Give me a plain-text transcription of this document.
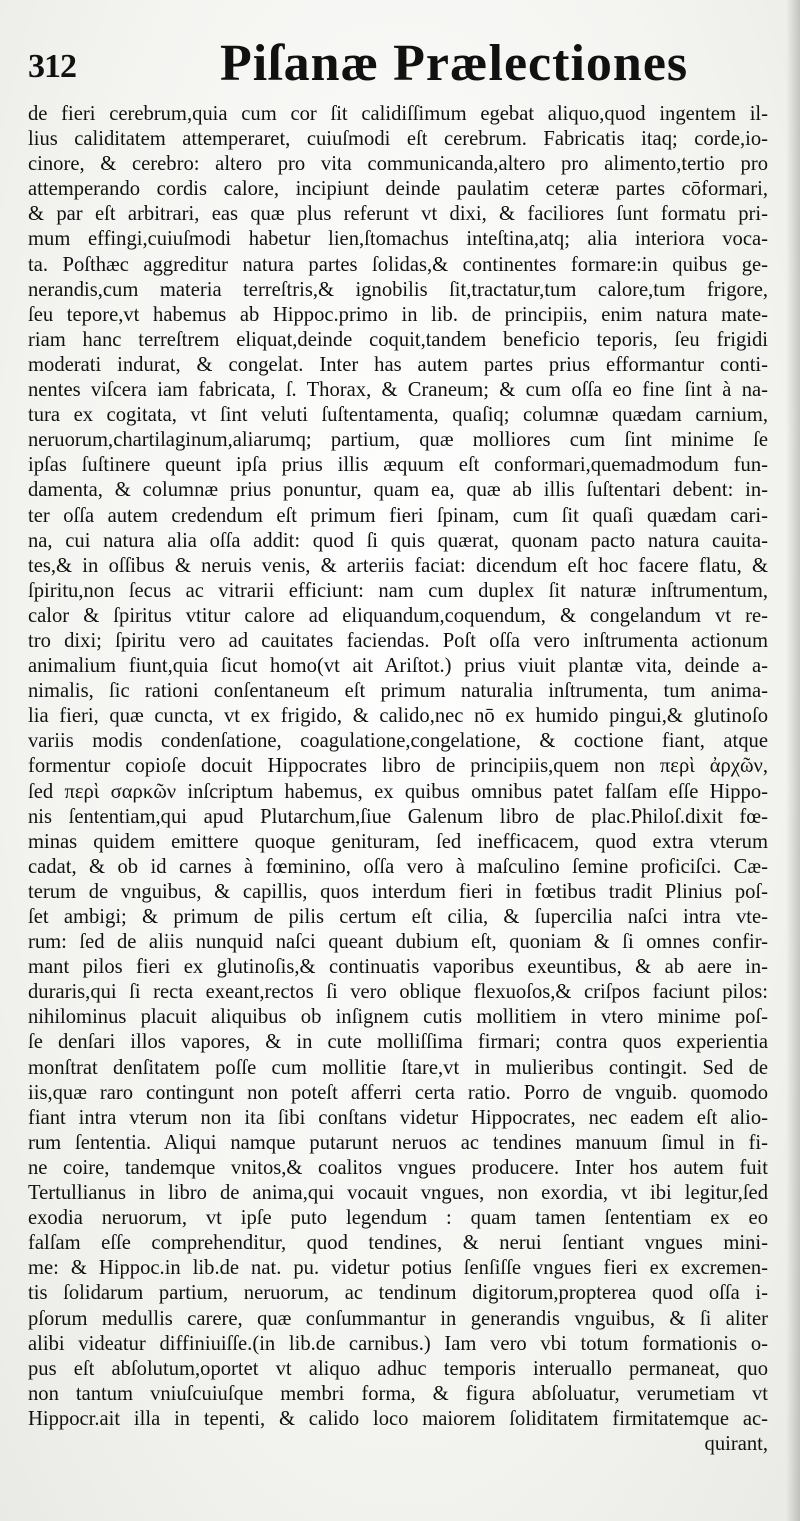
312	Piſanæ Prælectiones
de fieri cerebrum,quia cum cor ſit calidiſſimum egebat aliquo,quod ingentem il-
lius caliditatem attemperaret, cuiuſmodi eſt cerebrum. Fabricatis itaq; corde,io-
cinore, & cerebro: altero pro vita communicanda,altero pro alimento,tertio pro
attemperando cordis calore, incipiunt deinde paulatim ceteræ partes cōformari,
& par eſt arbitrari, eas quæ plus referunt vt dixi, & faciliores ſunt formatu pri-
mum effingi,cuiuſmodi habetur lien,ſtomachus inteſtina,atq; alia interiora voca-
ta. Poſthæc aggreditur natura partes ſolidas,& continentes formare:in quibus ge-
nerandis,cum materia terreſtris,& ignobilis ſit,tractatur,tum calore,tum frigore,
ſeu tepore,vt habemus ab Hippoc.primo in lib. de principiis, enim natura mate-
riam hanc terreſtrem eliquat,deinde coquit,tandem beneficio teporis, ſeu frigidi
moderati indurat, & congelat. Inter has autem partes prius efformantur conti-
nentes viſcera iam fabricata, ſ. Thorax, & Craneum; & cum oſſa eo fine ſint à na-
tura ex cogitata, vt ſint veluti ſuſtentamenta, quaſiq; columnæ quædam carnium,
neruorum,chartilaginum,aliarumq; partium, quæ molliores cum ſint minime ſe
ipſas ſuſtinere queunt ipſa prius illis æquum eſt conformari,quemadmodum fun-
damenta, & columnæ prius ponuntur, quam ea, quæ ab illis ſuſtentari debent: in-
ter oſſa autem credendum eſt primum fieri ſpinam, cum ſit quaſi quædam cari-
na, cui natura alia oſſa addit: quod ſi quis quærat, quonam pacto natura cauita-
tes,& in oſſibus & neruis venis, & arteriis faciat: dicendum eſt hoc facere flatu, &
ſpiritu,non ſecus ac vitrarii efficiunt: nam cum duplex ſit naturæ inſtrumentum,
calor & ſpiritus vtitur calore ad eliquandum,coquendum, & congelandum vt re-
tro dixi; ſpiritu vero ad cauitates faciendas. Poſt oſſa vero inſtrumenta actionum
animalium fiunt,quia ſicut homo(vt ait Ariſtot.) prius viuit plantæ vita, deinde a-
nimalis, ſic rationi conſentaneum eſt primum naturalia inſtrumenta, tum anima-
lia fieri, quæ cuncta, vt ex frigido, & calido,nec nō ex humido pingui,& glutinoſo
variis modis condenſatione, coagulatione,congelatione, & coctione fiant, atque
formentur copioſe docuit Hippocrates libro de principiis,quem non περὶ ἀρχῶν,
ſed περὶ σαρκῶν inſcriptum habemus, ex quibus omnibus patet falſam eſſe Hippo-
nis ſententiam,qui apud Plutarchum,ſiue Galenum libro de plac.Philoſ.dixit fœ-
minas quidem emittere quoque genituram, ſed inefficacem, quod extra vterum
cadat, & ob id carnes à fœminino, oſſa vero à maſculino ſemine proficiſci. Cæ-
terum de vnguibus, & capillis, quos interdum fieri in fœtibus tradit Plinius poſ-
ſet ambigi; & primum de pilis certum eſt cilia, & ſupercilia naſci intra vte-
rum: ſed de aliis nunquid naſci queant dubium eſt, quoniam & ſi omnes confir-
mant pilos fieri ex glutinoſis,& continuatis vaporibus exeuntibus, & ab aere in-
duraris,qui ſi recta exeant,rectos ſi vero oblique flexuoſos,& criſpos faciunt pilos:
nihilominus placuit aliquibus ob inſignem cutis mollitiem in vtero minime poſ-
ſe denſari illos vapores, & in cute molliſſima firmari; contra quos experientia
monſtrat denſitatem poſſe cum mollitie ſtare,vt in mulieribus contingit. Sed de
iis,quæ raro contingunt non poteſt afferri certa ratio. Porro de vnguib. quomodo
fiant intra vterum non ita ſibi conſtans videtur Hippocrates, nec eadem eſt alio-
rum ſententia. Aliqui namque putarunt neruos ac tendines manuum ſimul in fi-
ne coire, tandemque vnitos,& coalitos vngues producere. Inter hos autem fuit
Tertullianus in libro de anima,qui vocauit vngues, non exordia, vt ibi legitur,ſed
exodia neruorum, vt ipſe puto legendum : quam tamen ſententiam ex eo
falſam eſſe comprehenditur, quod tendines, & nerui ſentiant vngues mini-
me: & Hippoc.in lib.de nat. pu. videtur potius ſenſiſſe vngues fieri ex excremen-
tis ſolidarum partium, neruorum, ac tendinum digitorum,propterea quod oſſa i-
pſorum medullis carere, quæ conſummantur in generandis vnguibus, & ſi aliter
alibi videatur diffiniuiſſe.(in lib.de carnibus.) Iam vero vbi totum formationis o-
pus eſt abſolutum,oportet vt aliquo adhuc temporis interuallo permaneat, quo
non tantum vniuſcuiuſque membri forma, & figura abſoluatur, verumetiam vt
Hippocr.ait illa in tepenti, & calido loco maiorem ſoliditatem firmitatemque ac-
quirant,
